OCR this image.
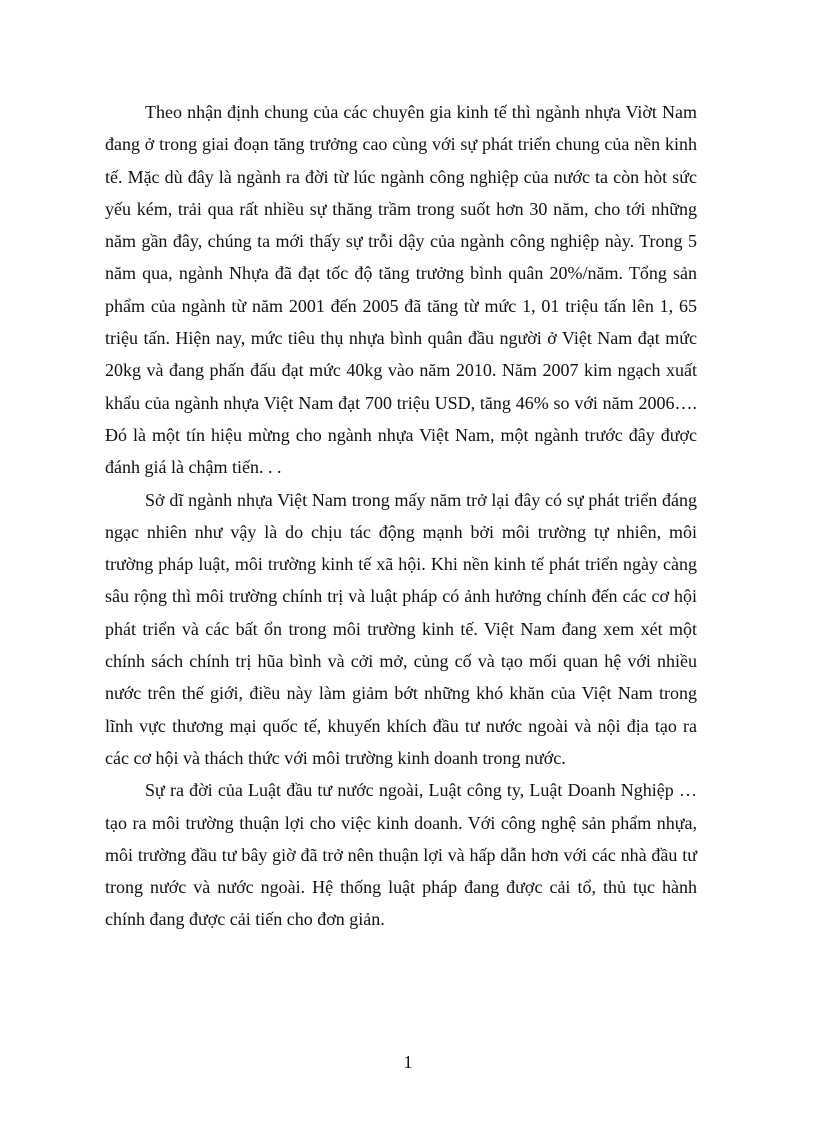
Theo nhận định chung của các chuyên gia kinh tế thì ngành nhựa Viờt Nam đang ở trong giai đoạn tăng trưởng cao cùng với sự phát triển chung của nền kinh tế. Mặc dù đây là ngành ra đời từ lúc ngành công nghiệp của nước ta còn hòt sức yếu kém, trải qua rất nhiều sự thăng trầm trong suốt hơn 30 năm, cho tới những năm gần đây, chúng ta mới thấy sự trỗi dậy của ngành công nghiệp này. Trong 5 năm qua, ngành Nhựa đã đạt tốc độ tăng trưởng bình quân 20%/năm. Tổng sản phẩm của ngành từ năm 2001 đến 2005 đã tăng từ mức 1, 01 triệu tấn lên 1, 65 triệu tấn. Hiện nay, mức tiêu thụ nhựa bình quân đầu người ở Việt Nam đạt mức 20kg và đang phấn đấu đạt mức 40kg vào năm 2010. Năm 2007 kim ngạch xuất khẩu của ngành nhựa Việt Nam đạt 700 triệu USD, tăng 46% so với năm 2006…. Đó là một tín hiệu mừng cho ngành nhựa Việt Nam, một ngành trước đây được đánh giá là chậm tiến. . .

Sở dĩ ngành nhựa Việt Nam trong mấy năm trở lại đây có sự phát triển đáng ngạc nhiên như vậy là do chịu tác động mạnh bởi môi trường tự nhiên, môi trường pháp luật, môi trường kinh tế xã hội. Khi nền kinh tế phát triển ngày càng sâu rộng thì môi trường chính trị và luật pháp có ảnh hưởng chính đến các cơ hội phát triển và các bất ổn trong môi trường kinh tế. Việt Nam đang xem xét một chính sách chính trị hũa bình và cởi mở, củng cố và tạo mối quan hệ với nhiều nước trên thế giới, điều này làm giảm bớt những khó khăn của Việt Nam trong lĩnh vực thương mại quốc tế, khuyến khích đầu tư nước ngoài và nội địa tạo ra các cơ hội và thách thức với môi trường kinh doanh trong nước.

Sự ra đời của Luật đầu tư nước ngoài, Luật công ty, Luật Doanh Nghiệp …tạo ra môi trường thuận lợi cho việc kinh doanh. Với công nghệ sản phẩm nhựa, môi trường đầu tư bây giờ đã trở nên thuận lợi và hấp dẫn hơn với các nhà đầu tư trong nước và nước ngoài. Hệ thống luật pháp đang được cải tổ, thủ tục hành chính đang được cải tiến cho đơn giản.

1
